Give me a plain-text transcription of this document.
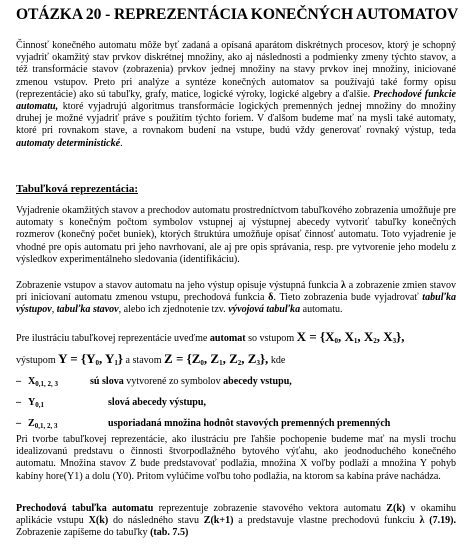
OTÁZKA 20 - REPREZENTÁCIA KONEČNÝCH AUTOMATOV
Činnosť konečného automatu môže byť zadaná a opísaná aparátom diskrétnych procesov, ktorý je schopný vyjadriť okamžitý stav prvkov diskrétnej množiny, ako aj následnosti a podmienky zmeny týchto stavov, a též transformácie stavov (zobrazenia) prvkov jednej množiny na stavy prvkov inej množiny, iniciované zmenou vstupov. Preto pri analýze a syntéze konečných automatov sa používajú také formy opisu (reprezentácie) ako sú tabuľky, grafy, matice, logické výroky, logické algebry a ďalšie. Prechodové funkcie automatu, ktoré vyjadrujú algoritmus transformácie logických premenných jednej množiny do množiny druhej je možné vyjadriť práve s použitím týchto foriem. V ďalšom budeme mať na mysli také automaty, ktoré pri rovnakom stave, a rovnakom budení na vstupe, budú vždy generovať rovnaký výstup, teda automaty deterministické.
Tabuľková reprezentácia:
Vyjadrenie okamžitých stavov a prechodov automatu prostredníctvom tabuľkového zobrazenia umožňuje pre automaty s konečným počtom symbolov vstupnej aj výstupnej abecedy vytvoriť tabuľky konečných rozmerov (konečný počet buniek), ktorých štruktúra umožňuje opísať činnosť automatu. Toto vyjadrenie je vhodné pre opis automatu pri jeho navrhovaní, ale aj pre opis správania, resp. pre vytvorenie jeho modelu z výsledkov experimentálneho sledovania (identifikáciu).
Zobrazenie vstupov a stavov automatu na jeho výstup opisuje výstupná funkcia λ a zobrazenie zmien stavov pri iniciovaní automatu zmenou vstupu, prechodová funkcia δ. Tieto zobrazenia bude vyjadrovať tabuľka výstupov, tabuľka stavov, alebo ich zjednotenie tzv. vývojová tabuľka automatu.
Pre ilustráciu tabuľkovej reprezentácie uveďme automat so vstupom $X = \{X_0$, $X_1$, $X_2$, $X_3$},
výstupom $Y = \{Y_0$, $Y_1$} a stavom $Z = \{Z_0$, $Z_1$, $Z_2$, $Z_3$}, kde
– $X_{0,1, 2, 3}$	sú slova vytvorené zo symbolov abecedy vstupu,
– $Y_{0,1}$	slová abecedy výstupu,
– $Z_{0,1, 2, 3}$	usporiadaná množina hodnôt stavových premenných premenných
Pri tvorbe tabuľkovej reprezentácie, ako ilustráciu pre ľahšie pochopenie budeme mať na mysli trochu idealizovanú predstavu o činnosti štvorpodlažného bytového výťahu, ako jeodnoduchého konečného automatu. Množina stavov Z bude predstavovať podlažia, množina X voľby podlaží a množina Y pohyb kabíny hore(Y1) a dolu (Y0). Pritom vylúčime voľbu toho podlažia, na ktorom sa kabína práve nachádza.
Prechodová tabuľka automatu reprezentuje zobrazenie stavového vektora automatu Z(k) v okamihu aplikácie vstupu X(k) do následného stavu Z(k+1) a predstavuje vlastne prechodovú funkciu λ (7.19). Zobrazenie zapíšeme do tabuľky (tab. 7.5)
